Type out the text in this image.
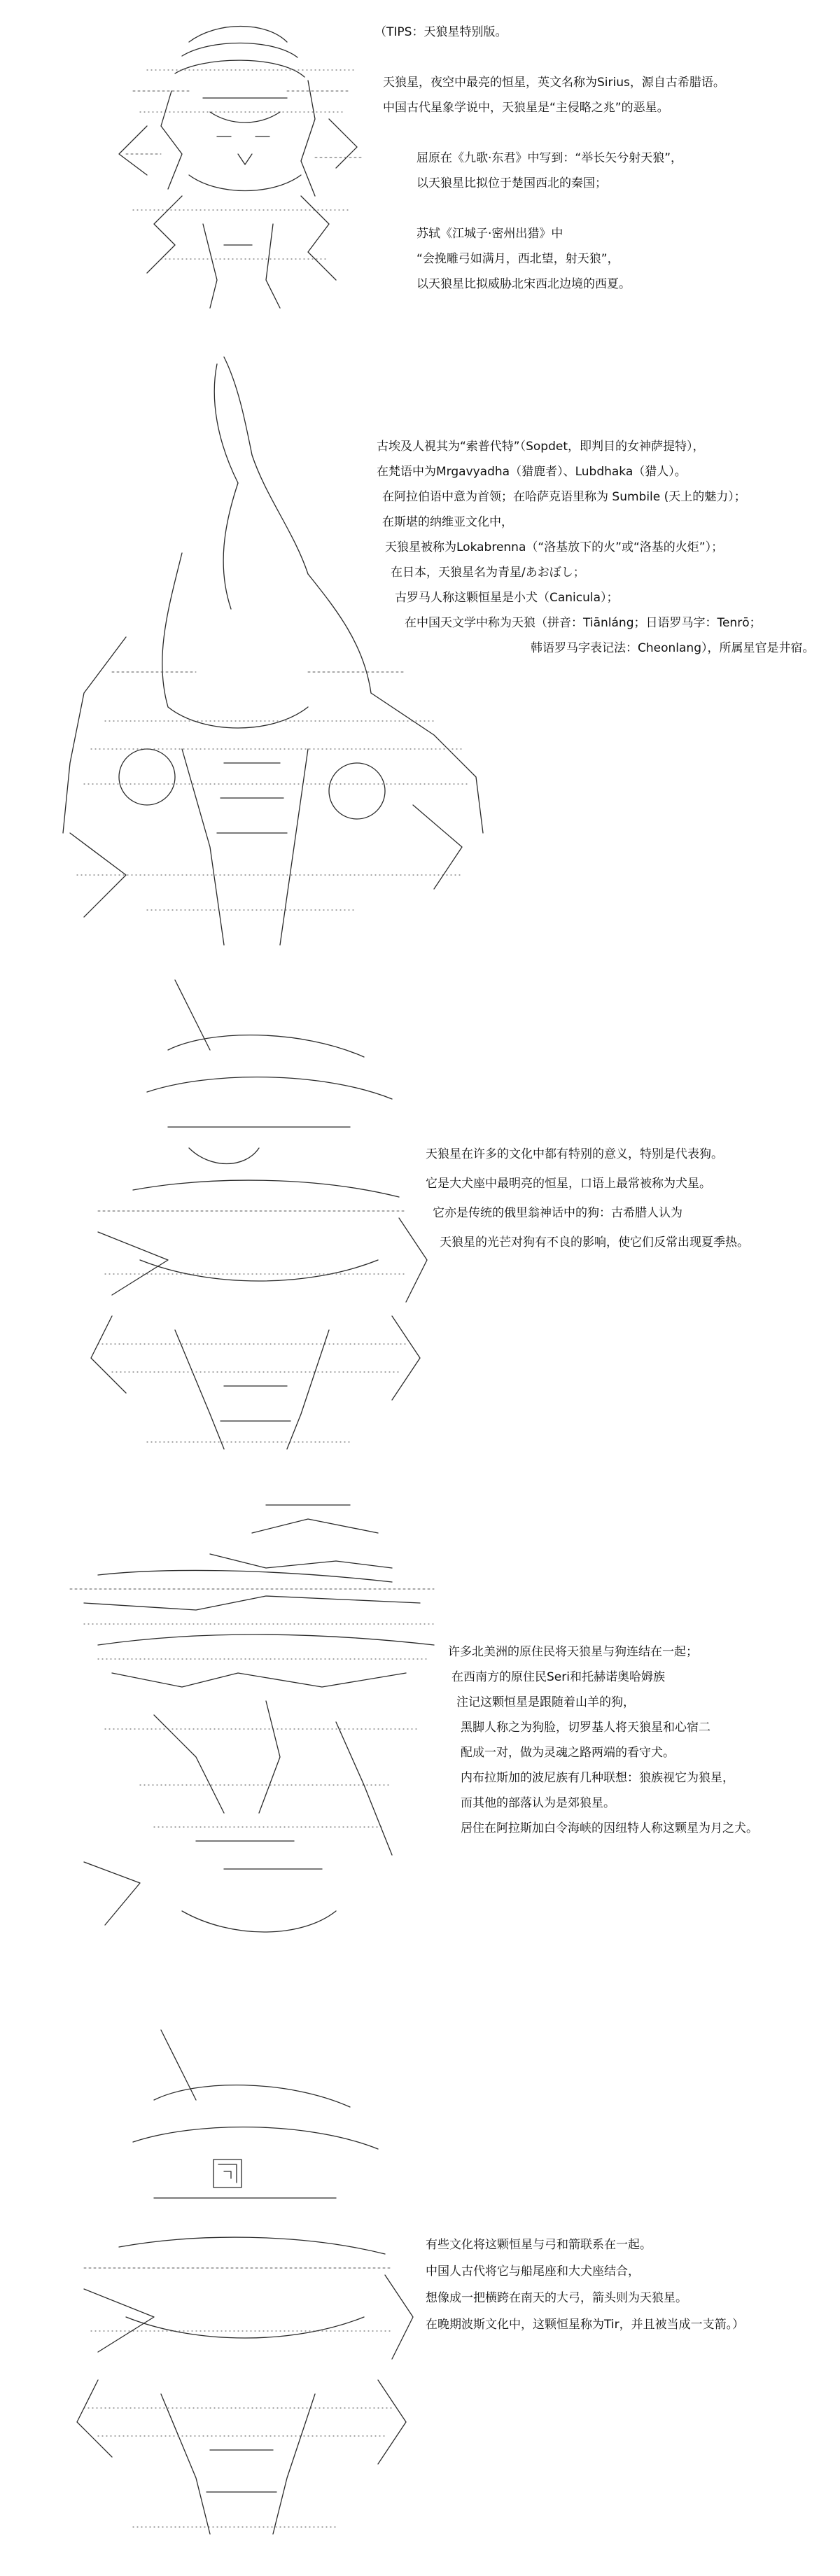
（TIPS：天狼星特别版。

天狼星，夜空中最亮的恒星，英文名称为Sirius，源自古希腊语。

中国古代星象学说中，天狼星是“主侵略之兆”的恶星。

屈原在《九歌·东君》中写到：“举长矢兮射天狼”，

以天狼星比拟位于楚国西北的秦国；

苏轼《江城子·密州出猎》中

“会挽雕弓如满月，西北望，射天狼”，

以天狼星比拟威胁北宋西北边境的西夏。

古埃及人視其为“索普代特”（Sopdet，即判目的女神萨提特），

在梵语中为Mrgavyadha（猎鹿者）、Lubdhaka（猎人）。

在阿拉伯语中意为首领；在哈萨克语里称为 Sumbile (天上的魅力）；

在斯堪的纳维亚文化中，

天狼星被称为Lokabrenna（“洛基放下的火”或“洛基的火炬”）；

在日本，天狼星名为青星/あおぼし；

古罗马人称这颗恒星是小犬（Canicula）；

在中国天文学中称为天狼（拼音：Tiānláng；日语罗马字：Tenrō；

韩语罗马字表记法：Cheonlang），所属星官是井宿。

天狼星在许多的文化中都有特别的意义，特别是代表狗。

它是大犬座中最明亮的恒星，口语上最常被称为犬星。

它亦是传统的俄里翁神话中的狗：古希腊人认为

天狼星的光芒对狗有不良的影响，使它们反常出现夏季热。

许多北美洲的原住民将天狼星与狗连结在一起；

在西南方的原住民Seri和托赫诺奥哈姆族

注记这颗恒星是跟随着山羊的狗，

黑脚人称之为狗脸，切罗基人将天狼星和心宿二

配成一对，做为灵魂之路两端的看守犬。

内布拉斯加的波尼族有几种联想：狼族视它为狼星，

而其他的部落认为是郊狼星。

居住在阿拉斯加白令海峡的因纽特人称这颗星为月之犬。

有些文化将这颗恒星与弓和箭联系在一起。

中国人古代将它与船尾座和大犬座结合，

想像成一把横跨在南天的大弓，箭头则为天狼星。

在晚期波斯文化中，这颗恒星称为Tir，并且被当成一支箭。）
